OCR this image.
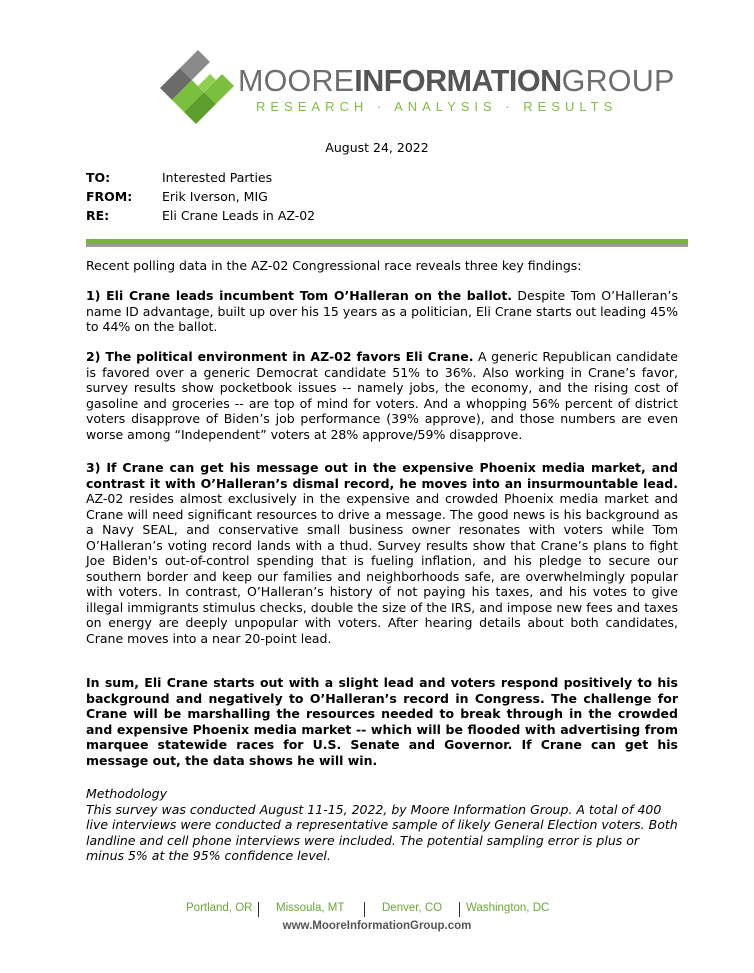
MOOREINFORMATIONGROUP
RESEARCH · ANALYSIS · RESULTS
August 24, 2022
TO:	Interested Parties
FROM:	Erik Iverson, MIG
RE:	Eli Crane Leads in AZ-02

Recent polling data in the AZ-02 Congressional race reveals three key findings:

1) Eli Crane leads incumbent Tom O’Halleran on the ballot. Despite Tom O’Halleran’s name ID advantage, built up over his 15 years as a politician, Eli Crane starts out leading 45% to 44% on the ballot.

2) The political environment in AZ-02 favors Eli Crane. A generic Republican candidate is favored over a generic Democrat candidate 51% to 36%. Also working in Crane’s favor, survey results show pocketbook issues -- namely jobs, the economy, and the rising cost of gasoline and groceries -- are top of mind for voters. And a whopping 56% percent of district voters disapprove of Biden’s job performance (39% approve), and those numbers are even worse among “Independent” voters at 28% approve/59% disapprove.

3) If Crane can get his message out in the expensive Phoenix media market, and contrast it with O’Halleran’s dismal record, he moves into an insurmountable lead. AZ-02 resides almost exclusively in the expensive and crowded Phoenix media market and Crane will need significant resources to drive a message. The good news is his background as a Navy SEAL, and conservative small business owner resonates with voters while Tom O’Halleran’s voting record lands with a thud. Survey results show that Crane’s plans to fight Joe Biden's out-of-control spending that is fueling inflation, and his pledge to secure our southern border and keep our families and neighborhoods safe, are overwhelmingly popular with voters. In contrast, O’Halleran’s history of not paying his taxes, and his votes to give illegal immigrants stimulus checks, double the size of the IRS, and impose new fees and taxes on energy are deeply unpopular with voters. After hearing details about both candidates, Crane moves into a near 20-point lead.

In sum, Eli Crane starts out with a slight lead and voters respond positively to his background and negatively to O’Halleran’s record in Congress. The challenge for Crane will be marshalling the resources needed to break through in the crowded and expensive Phoenix media market -- which will be flooded with advertising from marquee statewide races for U.S. Senate and Governor. If Crane can get his message out, the data shows he will win.

Methodology

This survey was conducted August 11-15, 2022, by Moore Information Group. A total of 400 live interviews were conducted a representative sample of likely General Election voters. Both landline and cell phone interviews were included. The potential sampling error is plus or minus 5% at the 95% confidence level.

Portland, OR Missoula, MT	Denver, CO Washington, DC
www.MooreInformationGroup.com
